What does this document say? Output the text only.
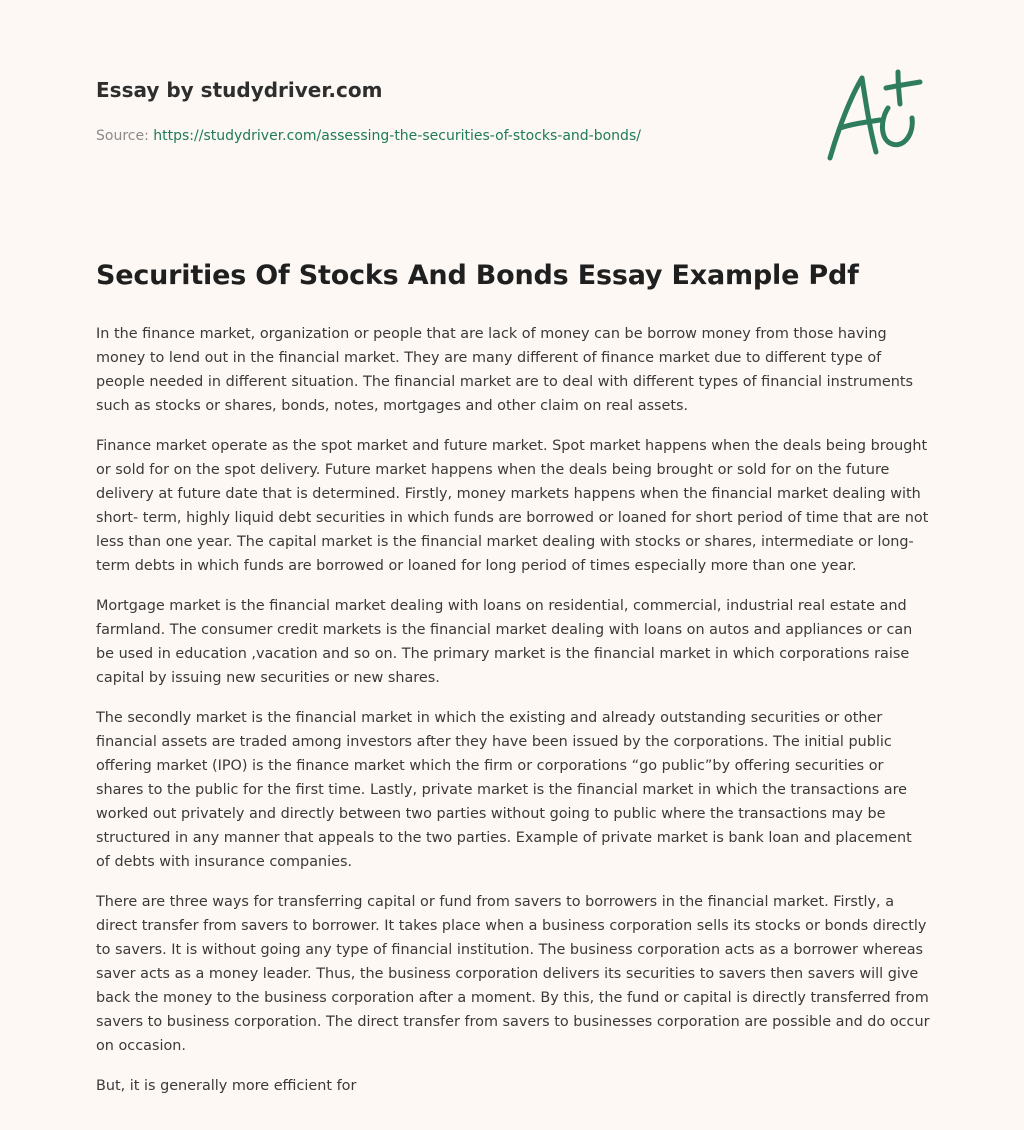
Essay by studydriver.com
Source: https://studydriver.com/assessing-the-securities-of-stocks-and-bonds/
Securities Of Stocks And Bonds Essay Example Pdf

In the finance market, organization or people that are lack of money can be borrow money from those having money to lend out in the financial market. They are many different of finance market due to different type of people needed in different situation. The financial market are to deal with different types of financial instruments such as stocks or shares, bonds, notes, mortgages and other claim on real assets.

Finance market operate as the spot market and future market. Spot market happens when the deals being brought or sold for on the spot delivery. Future market happens when the deals being brought or sold for on the future delivery at future date that is determined. Firstly, money markets happens when the financial market dealing with short- term, highly liquid debt securities in which funds are borrowed or loaned for short period of time that are not less than one year. The capital market is the financial market dealing with stocks or shares, intermediate or long-term debts in which funds are borrowed or loaned for long period of times especially more than one year.

Mortgage market is the financial market dealing with loans on residential, commercial, industrial real estate and farmland. The consumer credit markets is the financial market dealing with loans on autos and appliances or can be used in education ,vacation and so on. The primary market is the financial market in which corporations raise capital by issuing new securities or new shares.

The secondly market is the financial market in which the existing and already outstanding securities or other financial assets are traded among investors after they have been issued by the corporations. The initial public offering market (IPO) is the finance market which the firm or corporations “go public”by offering securities or shares to the public for the first time. Lastly, private market is the financial market in which the transactions are worked out privately and directly between two parties without going to public where the transactions may be structured in any manner that appeals to the two parties. Example of private market is bank loan and placement of debts with insurance companies.

There are three ways for transferring capital or fund from savers to borrowers in the financial market. Firstly, a direct transfer from savers to borrower. It takes place when a business corporation sells its stocks or bonds directly to savers. It is without going any type of financial institution. The business corporation acts as a borrower whereas saver acts as a money leader. Thus, the business corporation delivers its securities to savers then savers will give back the money to the business corporation after a moment. By this, the fund or capital is directly transferred from savers to business corporation. The direct transfer from savers to businesses corporation are possible and do occur on occasion.

But, it is generally more efficient for
